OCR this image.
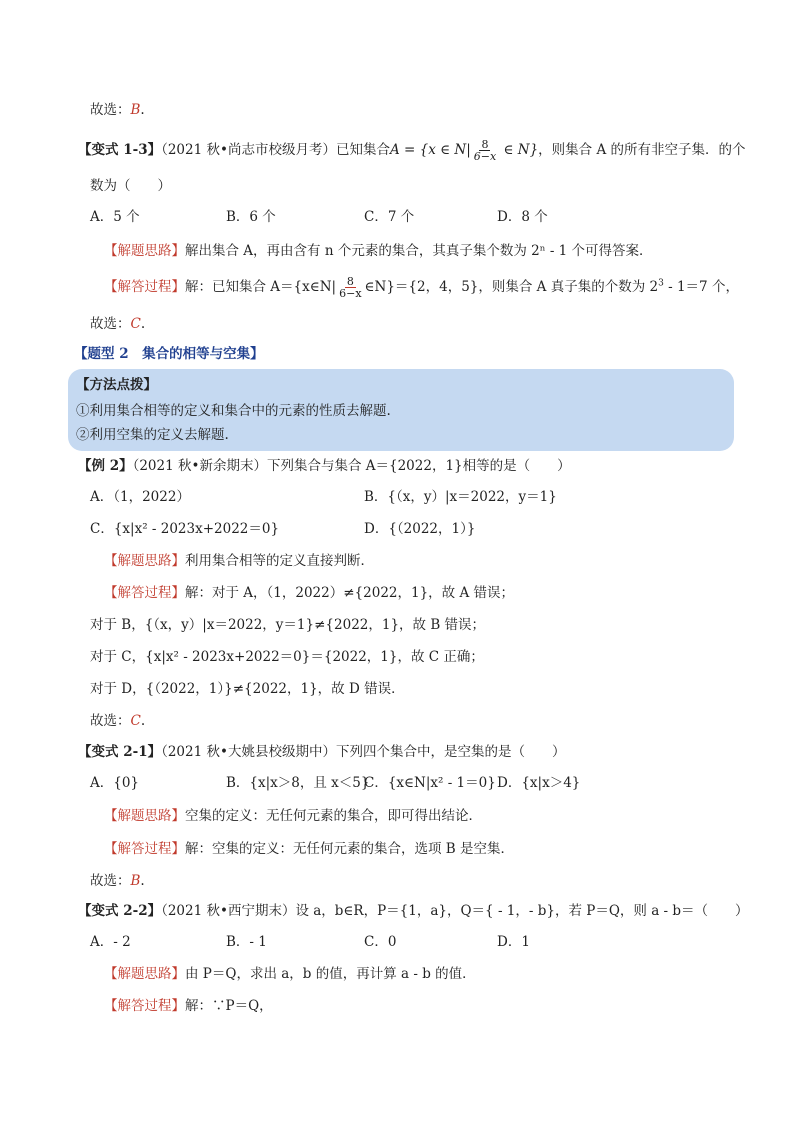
故选：B.
【变式 1-3】（2021 秋•尚志市校级月考）已知集合A = {x ∈ $N| \frac{8}{6-x}$ ∈ N}，则集合 A 的所有非空子集．的个
数为（　　）
A．5 个	B．6 个	C．7 个	D．8 个
【解题思路】解出集合 A，再由含有 n 个元素的集合，其真子集个数为 2ⁿ - 1 个可得答案．
【解答过程】解：已知集合 A＝{x∈N| $\frac{8}{6-x}$ ∈N}＝{2，4，5}，则集合 A 真子集的个数为 $2^3 - 1=7$ 个，
故选：C.
【题型 2　集合的相等与空集】
【方法点拨】
①利用集合相等的定义和集合中的元素的性质去解题.
②利用空集的定义去解题.
【例 2】（2021 秋•新余期末）下列集合与集合 A＝{2022，1}相等的是（　　）
A．（1，2022）	B．{（x，y）|x＝2022，y＝1}
C．{x|x² - 2023x+2022＝0}	D．{（2022，1）}
【解题思路】利用集合相等的定义直接判断．
【解答过程】解：对于 A，（1，2022）≠{2022，1}，故 A 错误；
对于 B，{（x，y）|x＝2022，y＝1}≠{2022，1}，故 B 错误；
对于 C，{x|x² - 2023x+2022＝0}＝{2022，1}，故 C 正确；
对于 D，{（2022，1）}≠{2022，1}，故 D 错误．
故选：C.
【变式 2-1】（2021 秋•大姚县校级期中）下列四个集合中，是空集的是（　　）
A．{0}	B．{x|x＞8，且 x＜5}
C．{x∈N|x² - 1＝0} D．{x|x＞4}
【解题思路】空集的定义：无任何元素的集合，即可得出结论．
【解答过程】解：空集的定义：无任何元素的集合，选项 B 是空集．
故选：B.
【变式 2-2】（2021 秋•西宁期末）设 a，b∈R，P＝{1，a}，Q＝{ - 1，- b}，若 P＝Q，则 a - b＝（　　）
A．- 2	B．- 1	C．0	D．1
【解题思路】由 P＝Q，求出 a，b 的值，再计算 a - b 的值．
【解答过程】解：∵P＝Q，
